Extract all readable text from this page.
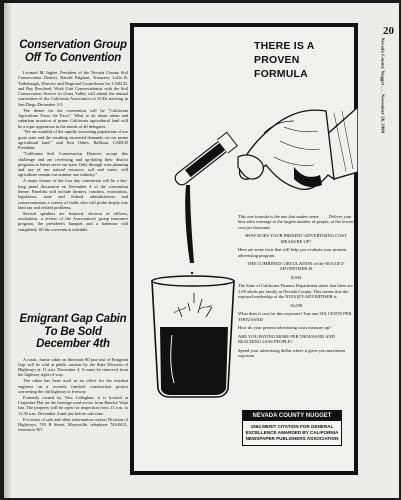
20
Nevada County Nugget . . . November 26, 1969
Conservation Group Off To Convention

Leonard M. Inglee, President of the Nevada County Soil Conservation District, Harold Palghart, Treasurer, Leila R. Tuthebaugh, Director and Regional Councilman for CARCD, and Ray Borchard, Work Unit Conservationist with the Soil Conservation Service in Grass Valley will attend the annual convention of the California Association of SCDs meeting in San Diego December 3-5.

The theme for the convention will be "California Agriculture Faces the Facts". What to do about urban and suburban invasion of prime California agricultural land will be a topic uppermost in the minds of all delegates.

"We are mindful of the rapidly increasing population of our great state and the resulting increased demands on our prime agricultural land," said Ken Oakes, Ballston, CARCD President.

"California Soil Conservation Districts accept this challenge and are reviewing and up-dating their district programs to better serve our state. Only through wise planning and use of our natural resource, soil and water, will agriculture remain our number one industry."

A major feature of the four day convention will be a day-long panel discussion on December 4 of the convention theme. Panelists will include farmers, ranchers, economists, legislators, state and federal administrators and conservationists a variety of fields who will probe deeply into land use and related problems.

Several speakers are featured, election of officers, resolutions, a review of the Association's group insurance program, the president's banquet and a barbecue will completely fill the convention schedule.

Emigrant Gap Cabin To Be Sold December 4th

A rustic, frame cabin on Interstate 80 just east of Emigrant Gap will be sold at public auction by the State Division of Highways at 11 a.m. December 4. It must be removed from the highway right-of-way.

The cabin has been used as an office for the resident engineer on a recently finished construction project converting the old highway to freeway.

Formerly owned by Vera Callaghan, it is located at Carpenter Flat on the frontage road across from Rancho Vista Inn. The property will be open for inspection from 11 a.m. to 11:30 a.m. December 4 and just before sale time.

For terms of sale and other information contact Division of Highways, 703 B Street, Marysville, telephone 743-0431, extension 307.

THERE IS A PROVEN FORMULA

This one formula is the one that makes sense . . . . Deliver your best sales message to the largest number of people, at the lowest cost per thousand.

HOW DOES YOUR PRESENT ADVERTISING COST MEASURE UP?

Here are some facts that will help you evaluate your present advertising program.

THE COMBINED CIRCULATION of the NUGGET-ADVERTISER IS

8,694

The State of California Finance Department states that there are 1.69 adults per family in Nevada County. This means that the exposed readership of the NUGGET-ADVERTISER is

16,058

What does it cost for this exposure? Just one SIX CENTS PER THOUSAND

How do your present advertising costs measure up?

ARE YOU PAYING MORE PER THOUSAND AND REACHING LESS PEOPLE?

Spend your advertising dollar where it gives you maximum exposure.

NEVADA COUNTY NUGGET
1964 MERIT CITATION FOR GENERAL EXCELLENCE AWARDED BY CALIFORNIA NEWSPAPER PUBLISHERS ASSOCIATION
